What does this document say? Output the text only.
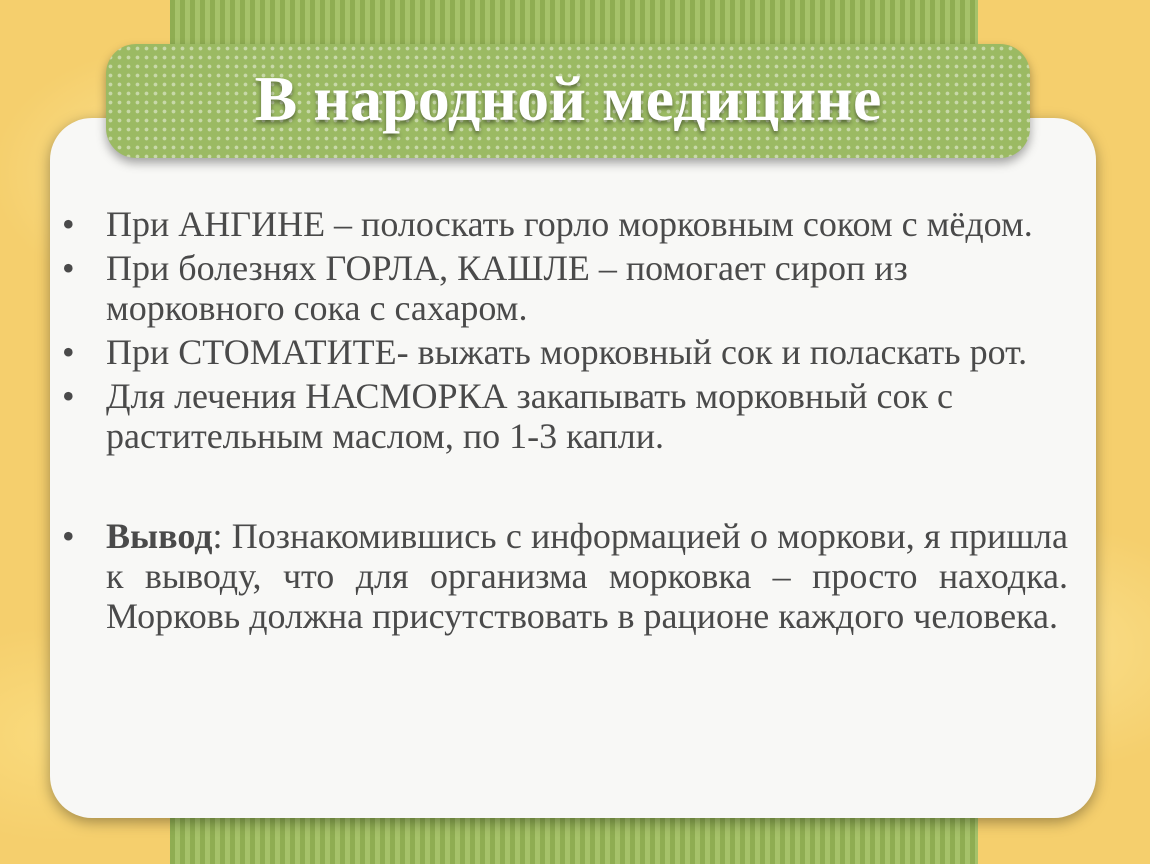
В народной медицине
• При АНГИНЕ – полоскать горло морковным соком с мёдом.
• При болезнях ГОРЛА, КАШЛЕ – помогает сироп из морковного сока с сахаром.
• При СТОМАТИТЕ- выжать морковный сок и поласкать рот.
• Для лечения НАСМОРКА закапывать морковный сок с растительным маслом, по 1-3 капли.
• Вывод: Познакомившись с информацией о моркови, я пришла к выводу, что для организма морковка – просто находка. Морковь должна присутствовать в рационе каждого человека.
